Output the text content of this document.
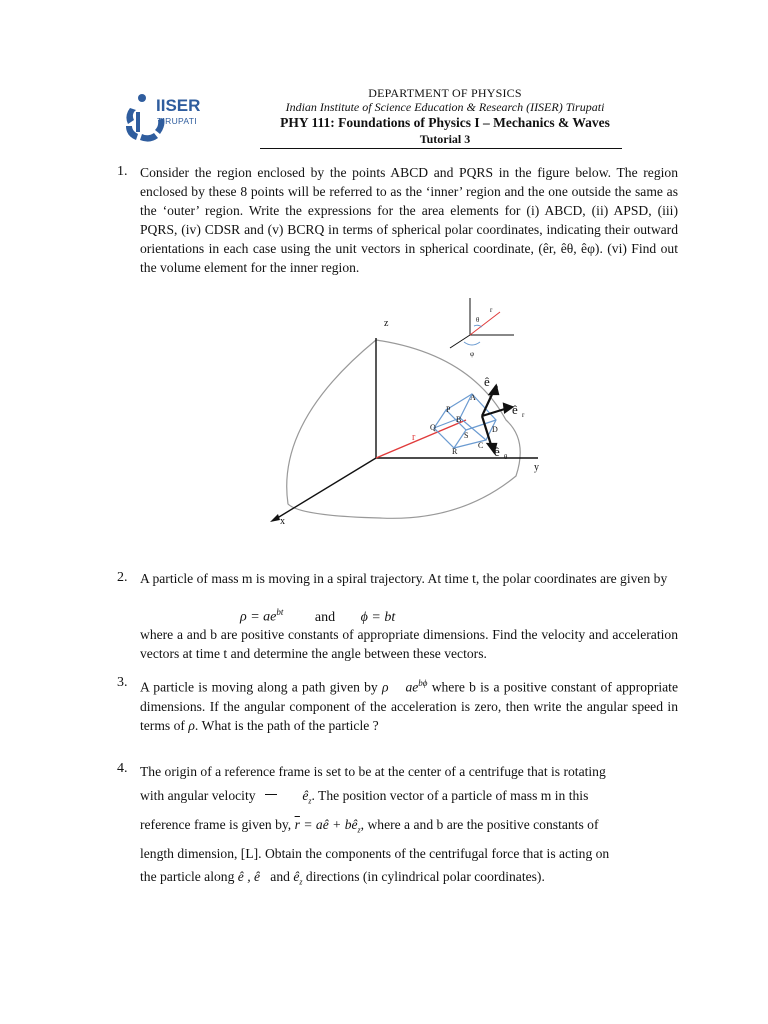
IISER
TIRUPATI
DEPARTMENT OF PHYSICS
Indian Institute of Science Education & Research (IISER) Tirupati
PHY 111: Foundations of Physics I – Mechanics & Waves
Tutorial 3
1. Consider the region enclosed by the points ABCD and PQRS in the figure below. The region enclosed by these 8 points will be referred to as the ‘inner’ region and the one outside the same as the ‘outer’ region. Write the expressions for the area elements for (i) ABCD, (ii) APSD, (iii) PQRS, (iv) CDSR and (v) BCRQ in terms of spherical polar coordinates, indicating their outward orientations in each case using the unit vectors in spherical coordinate, (êr, êθ, êφ). (vi) Find out the volume element for the inner region.

z
x
y
r
A
B
C
D
P
Q
R
S
ê φ
ê r
ê θ
θ
φ
r
2. A particle of mass m is moving in a spiral trajectory. At time t, the polar coordinates are given by

$\rho = ae^{bt}$ and ϕ = bt

where a and b are positive constants of appropriate dimensions. Find the velocity and acceleration vectors at time t and determine the angle between these vectors.

3. A particle is moving along a path given by ρ $ae^{b\phi}$ where b is a positive constant of appropriate dimensions. If the angular component of the acceleration is zero, then write the angular speed in terms of ρ. What is the path of the particle ?

4. The origin of a reference frame is set to be at the center of a centrifuge that is rotating

with angular velocity	$ê_z$. The position vector of a particle of mass m in this

reference frame is given by, $\overline{r}$ = aê + $bê_z$, where a and b are the positive constants of

length dimension, [L]. Obtain the components of the centrifugal force that is acting on

the particle along ê , ê and $ê_z$ directions (in cylindrical polar coordinates).
